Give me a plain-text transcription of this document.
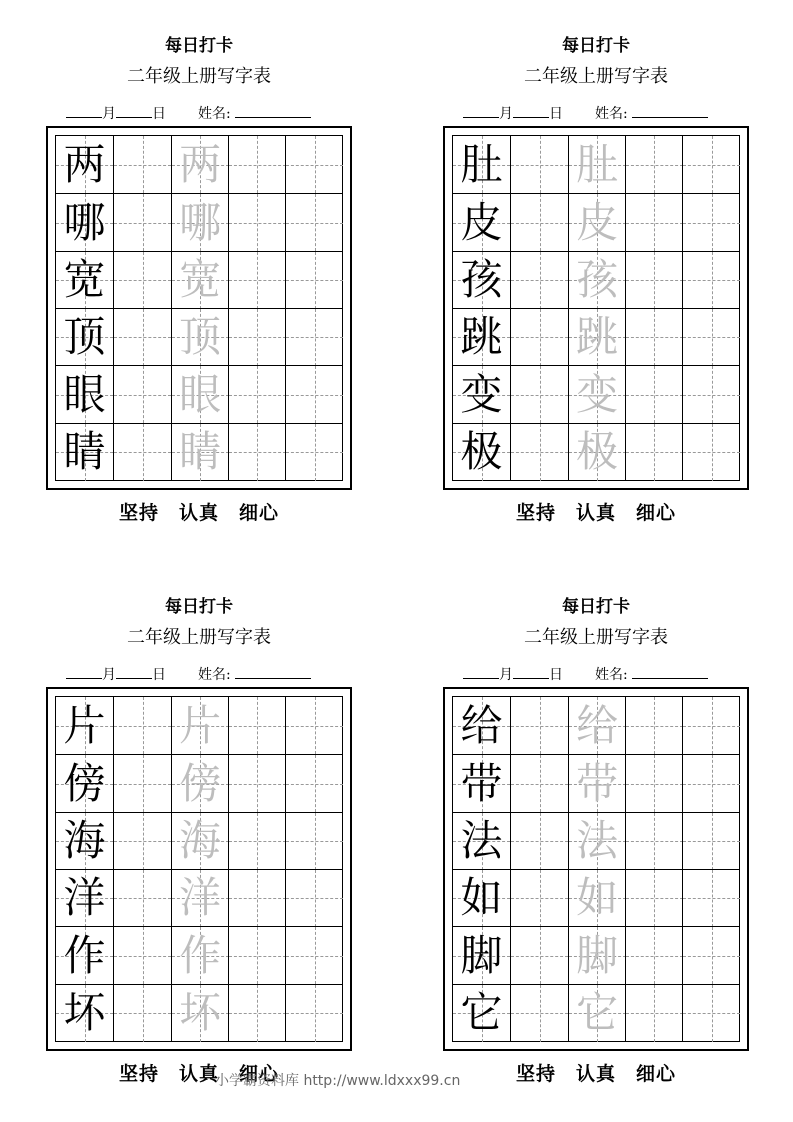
每日打卡
二年级上册写字表
月	日 姓名:
两 两
哪 哪
宽 宽
顶 顶
眼 眼
睛 睛
坚持　认真　细心
每日打卡
二年级上册写字表
月	日 姓名:
肚 肚
皮 皮
孩 孩
跳 跳
变 变
极 极
坚持　认真　细心
每日打卡
二年级上册写字表
月	日 姓名:
片 片
傍 傍
海 海
洋 洋
作 作
坏 坏
坚持　认真　细心
每日打卡
二年级上册写字表
月	日 姓名:
给 给
带 带
法 法
如 如
脚 脚
它 它
坚持　认真　细心
小学霸资料库 http://www.ldxxx99.cn
